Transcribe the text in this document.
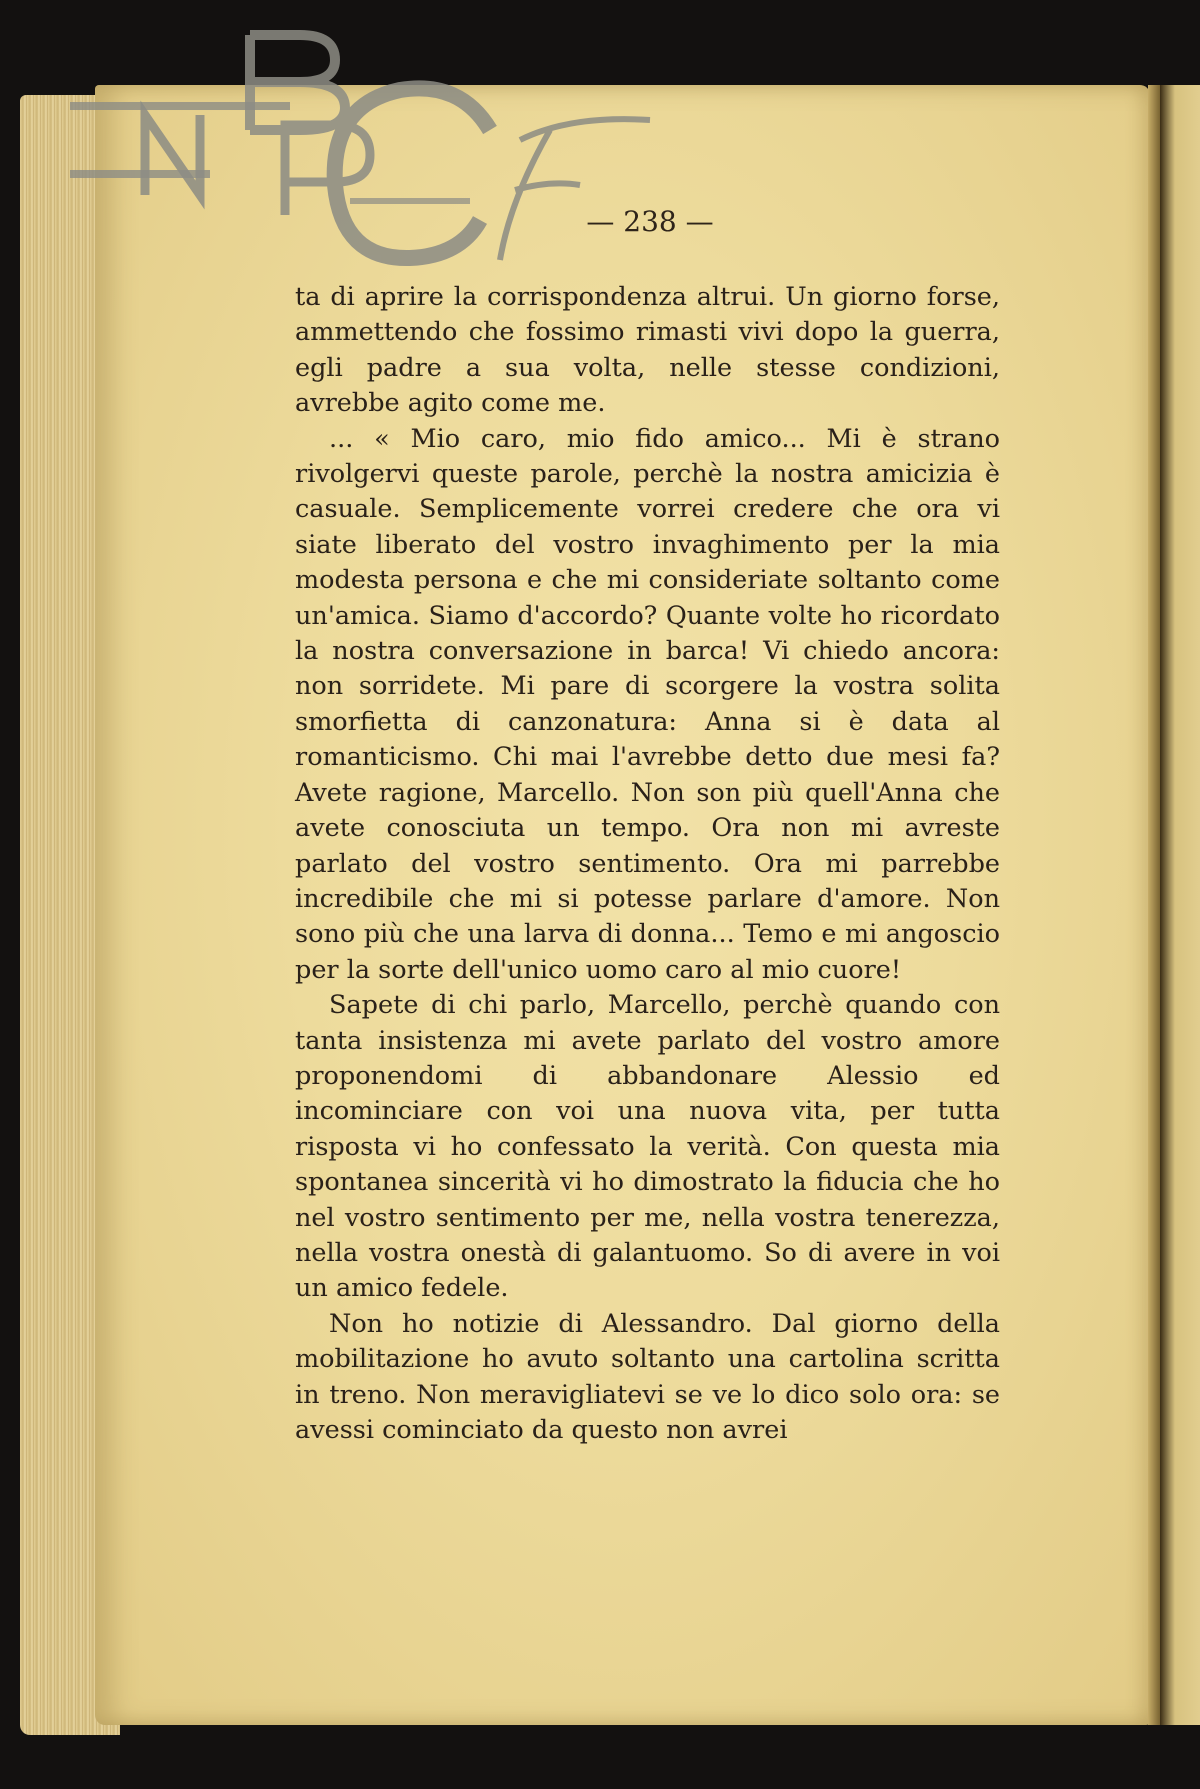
— 238 —

ta di aprire la corrispondenza altrui. Un giorno forse, ammettendo che fossimo rimasti vivi dopo la guerra, egli padre a sua volta, nelle stesse condizioni, avrebbe agito come me.

... « Mio caro, mio fido amico... Mi è strano rivolgervi queste parole, perchè la nostra amicizia è casuale. Semplicemente vorrei credere che ora vi siate liberato del vostro invaghimento per la mia modesta persona e che mi consideriate soltanto come un'amica. Siamo d'accordo? Quante volte ho ricordato la nostra conversazione in barca! Vi chiedo ancora: non sorridete. Mi pare di scorgere la vostra solita smorfietta di canzonatura: Anna si è data al romanticismo. Chi mai l'avrebbe detto due mesi fa? Avete ragione, Marcello. Non son più quell'Anna che avete conosciuta un tempo. Ora non mi avreste parlato del vostro sentimento. Ora mi parrebbe incredibile che mi si potesse parlare d'amore. Non sono più che una larva di donna... Temo e mi angoscio per la sorte dell'unico uomo caro al mio cuore!

Sapete di chi parlo, Marcello, perchè quando con tanta insistenza mi avete parlato del vostro amore proponendomi di abbandonare Alessio ed incominciare con voi una nuova vita, per tutta risposta vi ho confessato la verità. Con questa mia spontanea sincerità vi ho dimostrato la fiducia che ho nel vostro sentimento per me, nella vostra tenerezza, nella vostra onestà di galantuomo. So di avere in voi un amico fedele.

Non ho notizie di Alessandro. Dal giorno della mobilitazione ho avuto soltanto una cartolina scritta in treno. Non meravigliatevi se ve lo dico solo ora: se avessi cominciato da questo non avrei
